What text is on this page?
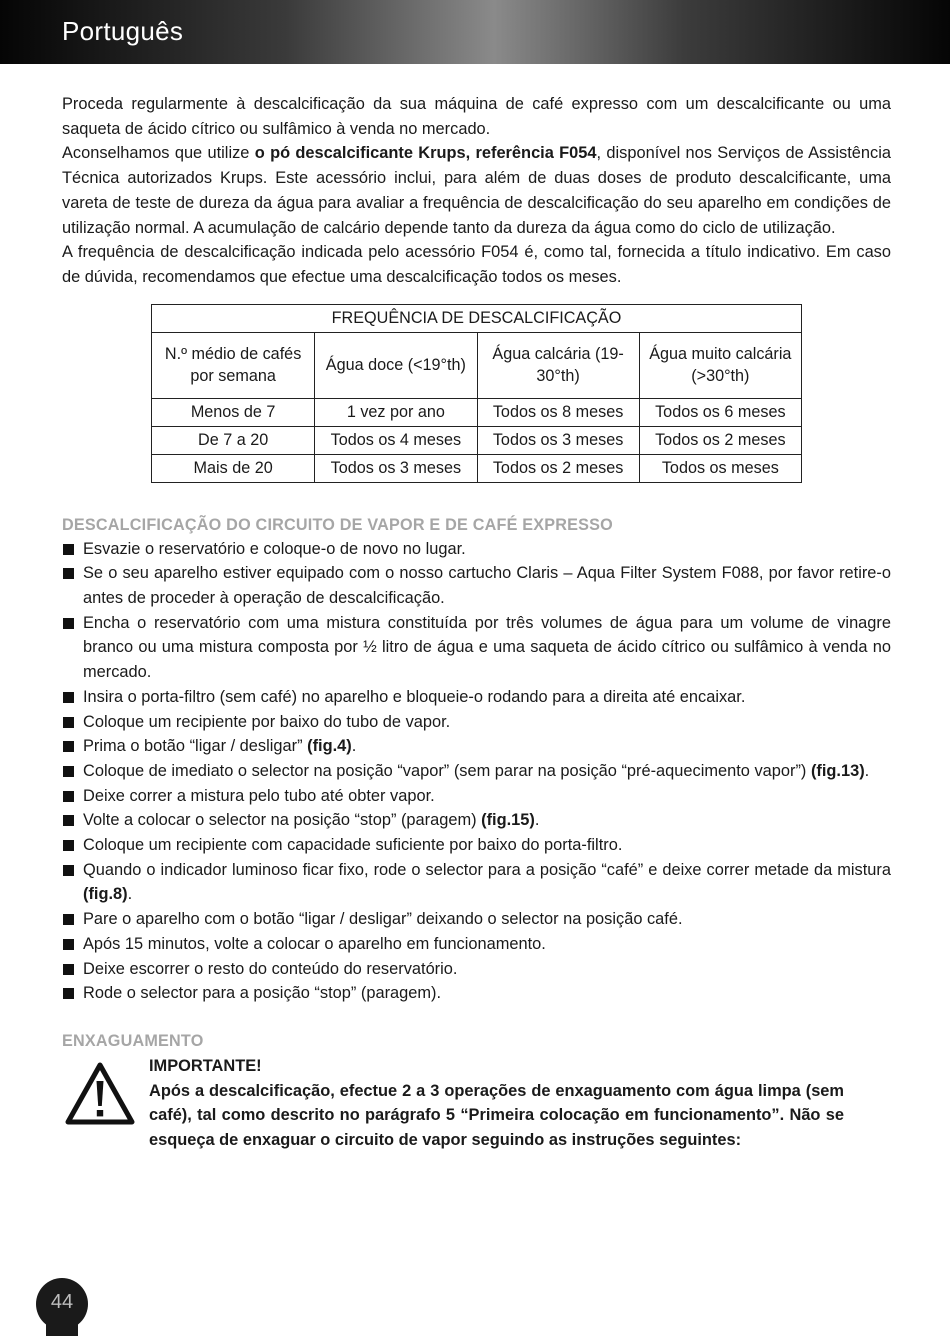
Português

Proceda regularmente à descalcificação da sua máquina de café expresso com um descalcificante ou uma saqueta de ácido cítrico ou sulfâmico à venda no mercado.

Aconselhamos que utilize o pó descalcificante Krups, referência F054, disponível nos Serviços de Assistência Técnica autorizados Krups. Este acessório inclui, para além de duas doses de produto descalcificante, uma vareta de teste de dureza da água para avaliar a frequência de descalcificação do seu aparelho em condições de utilização normal. A acumulação de calcário depende tanto da dureza da água como do ciclo de utilização.

A frequência de descalcificação indicada pelo acessório F054 é, como tal, fornecida a título indicativo. Em caso de dúvida, recomendamos que efectue uma descalcificação todos os meses.

FREQUÊNCIA DE DESCALCIFICAÇÃO			
N.º médio de cafés por semana	Água doce (<19°th)	Água calcária (19-30°th)	Água muito calcária (>30°th)
Menos de 7	1 vez por ano	Todos os 8 meses	Todos os 6 meses
De 7 a 20	Todos os 4 meses	Todos os 3 meses	Todos os 2 meses
Mais de 20	Todos os 3 meses	Todos os 2 meses	Todos os meses
DESCALCIFICAÇÃO DO CIRCUITO DE VAPOR E DE CAFÉ EXPRESSO
Esvazie o reservatório e coloque-o de novo no lugar.
Se o seu aparelho estiver equipado com o nosso cartucho Claris – Aqua Filter System F088, por favor retire-o antes de proceder à operação de descalcificação.
Encha o reservatório com uma mistura constituída por três volumes de água para um volume de vinagre branco ou uma mistura composta por ½ litro de água e uma saqueta de ácido cítrico ou sulfâmico à venda no mercado.
Insira o porta-filtro (sem café) no aparelho e bloqueie-o rodando para a direita até encaixar.
Coloque um recipiente por baixo do tubo de vapor.
Prima o botão “ligar / desligar” (fig.4).
Coloque de imediato o selector na posição “vapor” (sem parar na posição “pré-aquecimento vapor”) (fig.13).
Deixe correr a mistura pelo tubo até obter vapor.
Volte a colocar o selector na posição “stop” (paragem) (fig.15).
Coloque um recipiente com capacidade suficiente por baixo do porta-filtro.
Quando o indicador luminoso ficar fixo, rode o selector para a posição “café” e deixe correr metade da mistura (fig.8).
Pare o aparelho com o botão “ligar / desligar” deixando o selector na posição café.
Após 15 minutos, volte a colocar o aparelho em funcionamento.
Deixe escorrer o resto do conteúdo do reservatório.
Rode o selector para a posição “stop” (paragem).
ENXAGUAMENTO
IMPORTANTE!
Após a descalcificação, efectue 2 a 3 operações de enxaguamento com água limpa (sem café), tal como descrito no parágrafo 5 “Primeira colocação em funcionamento”. Não se esqueça de enxaguar o circuito de vapor seguindo as instruções seguintes:
44
